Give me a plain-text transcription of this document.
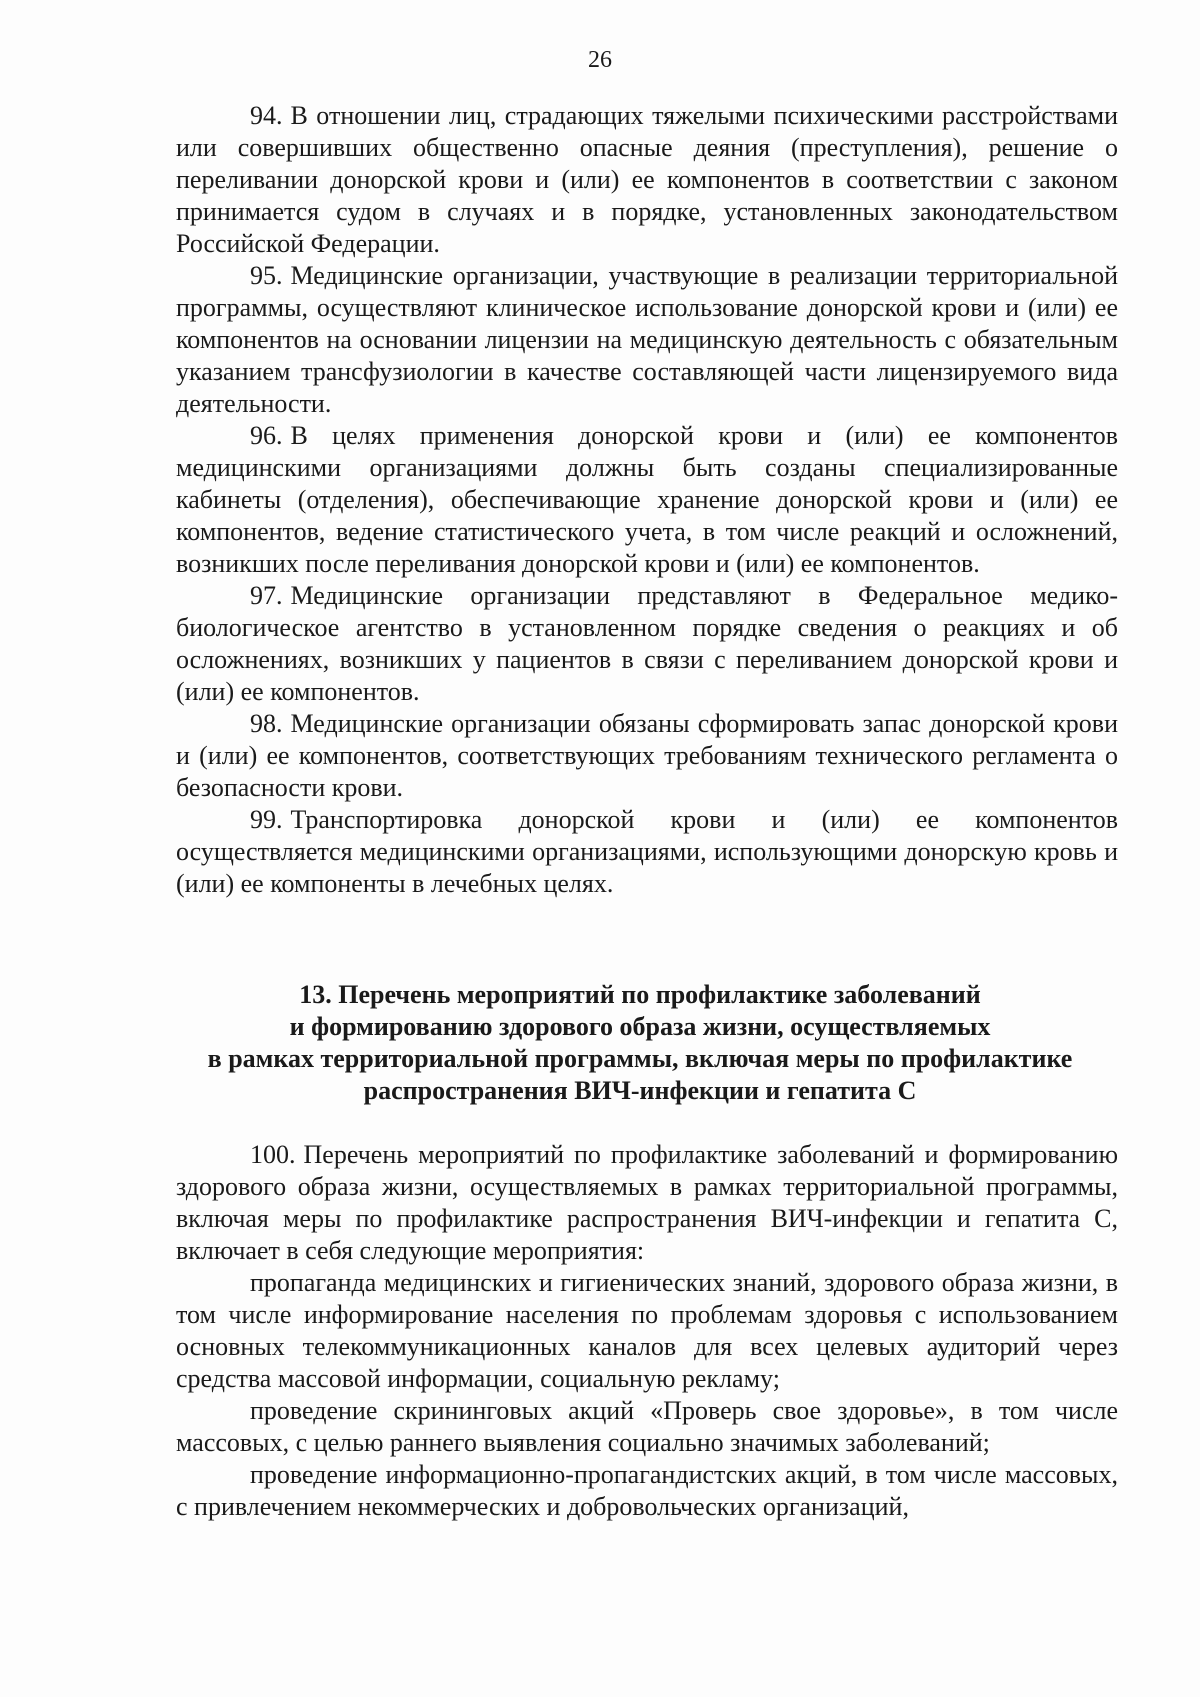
26

94. В отношении лиц, страдающих тяжелыми психическими расстройствами или совершивших общественно опасные деяния (преступления), решение о переливании донорской крови и (или) ее компонентов в соответствии с законом принимается судом в случаях и в порядке, установленных законодательством Российской Федерации.

95. Медицинские организации, участвующие в реализации территориальной программы, осуществляют клиническое использование донорской крови и (или) ее компонентов на основании лицензии на медицинскую деятельность с обязательным указанием трансфузиологии в качестве составляющей части лицензируемого вида деятельности.

96. В целях применения донорской крови и (или) ее компонентов медицинскими организациями должны быть созданы специализированные кабинеты (отделения), обеспечивающие хранение донорской крови и (или) ее компонентов, ведение статистического учета, в том числе реакций и осложнений, возникших после переливания донорской крови и (или) ее компонентов.

97. Медицинские организации представляют в Федеральное медико-биологическое агентство в установленном порядке сведения о реакциях и об осложнениях, возникших у пациентов в связи с переливанием донорской крови и (или) ее компонентов.

98. Медицинские организации обязаны сформировать запас донорской крови и (или) ее компонентов, соответствующих требованиям технического регламента о безопасности крови.

99. Транспортировка донорской крови и (или) ее компонентов осуществляется медицинскими организациями, использующими донорскую кровь и (или) ее компоненты в лечебных целях.

13. Перечень мероприятий по профилактике заболеваний
и формированию здорового образа жизни, осуществляемых
в рамках территориальной программы, включая меры по профилактике
распространения ВИЧ-инфекции и гепатита С

100. Перечень мероприятий по профилактике заболеваний и формированию здорового образа жизни, осуществляемых в рамках территориальной программы, включая меры по профилактике распространения ВИЧ-инфекции и гепатита С, включает в себя следующие мероприятия:

пропаганда медицинских и гигиенических знаний, здорового образа жизни, в том числе информирование населения по проблемам здоровья с использованием основных телекоммуникационных каналов для всех целевых аудиторий через средства массовой информации, социальную рекламу;

проведение скрининговых акций «Проверь свое здоровье», в том числе массовых, с целью раннего выявления социально значимых заболеваний;

проведение информационно-пропагандистских акций, в том числе массовых, с привлечением некоммерческих и добровольческих организаций,
